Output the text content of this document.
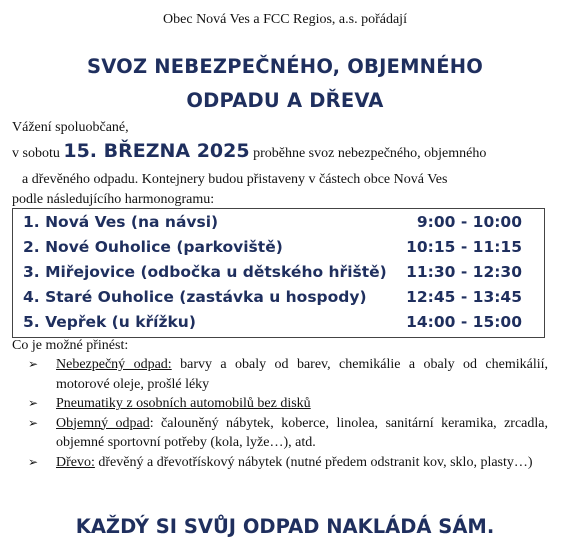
Obec Nová Ves a FCC Regios, a.s. pořádají
SVOZ NEBEZPEČNÉHO, OBJEMNÉHO
ODPADU A DŘEVA
Vážení spoluobčané,
v sobotu 15. BŘEZNA 2025 proběhne svoz nebezpečného, objemného
a dřevěného odpadu. Kontejnery budou přistaveny v částech obce Nová Ves
podle následujícího harmonogramu:
1. Nová Ves (na návsi)	9:00 - 10:00
2. Nové Ouholice (parkoviště)	10:15 - 11:15
3. Miřejovice (odbočka u dětského hřiště) 11:30 - 12:30
4. Staré Ouholice (zastávka u hospody)	12:45 - 13:45
5. Vepřek (u křížku)	14:00 - 15:00
Co je možné přinést:
➢ Nebezpečný odpad: barvy a obaly od barev, chemikálie a obaly od chemikálií, motorové oleje, prošlé léky
➢ Pneumatiky z osobních automobilů bez disků
➢ Objemný odpad: čalouněný nábytek, koberce, linolea, sanitární keramika, zrcadla, objemné sportovní potřeby (kola, lyže…), atd.
➢ Dřevo: dřevěný a dřevotřískový nábytek (nutné předem odstranit kov, sklo, plasty…)
KAŽDÝ SI SVŮJ ODPAD NAKLÁDÁ SÁM.
